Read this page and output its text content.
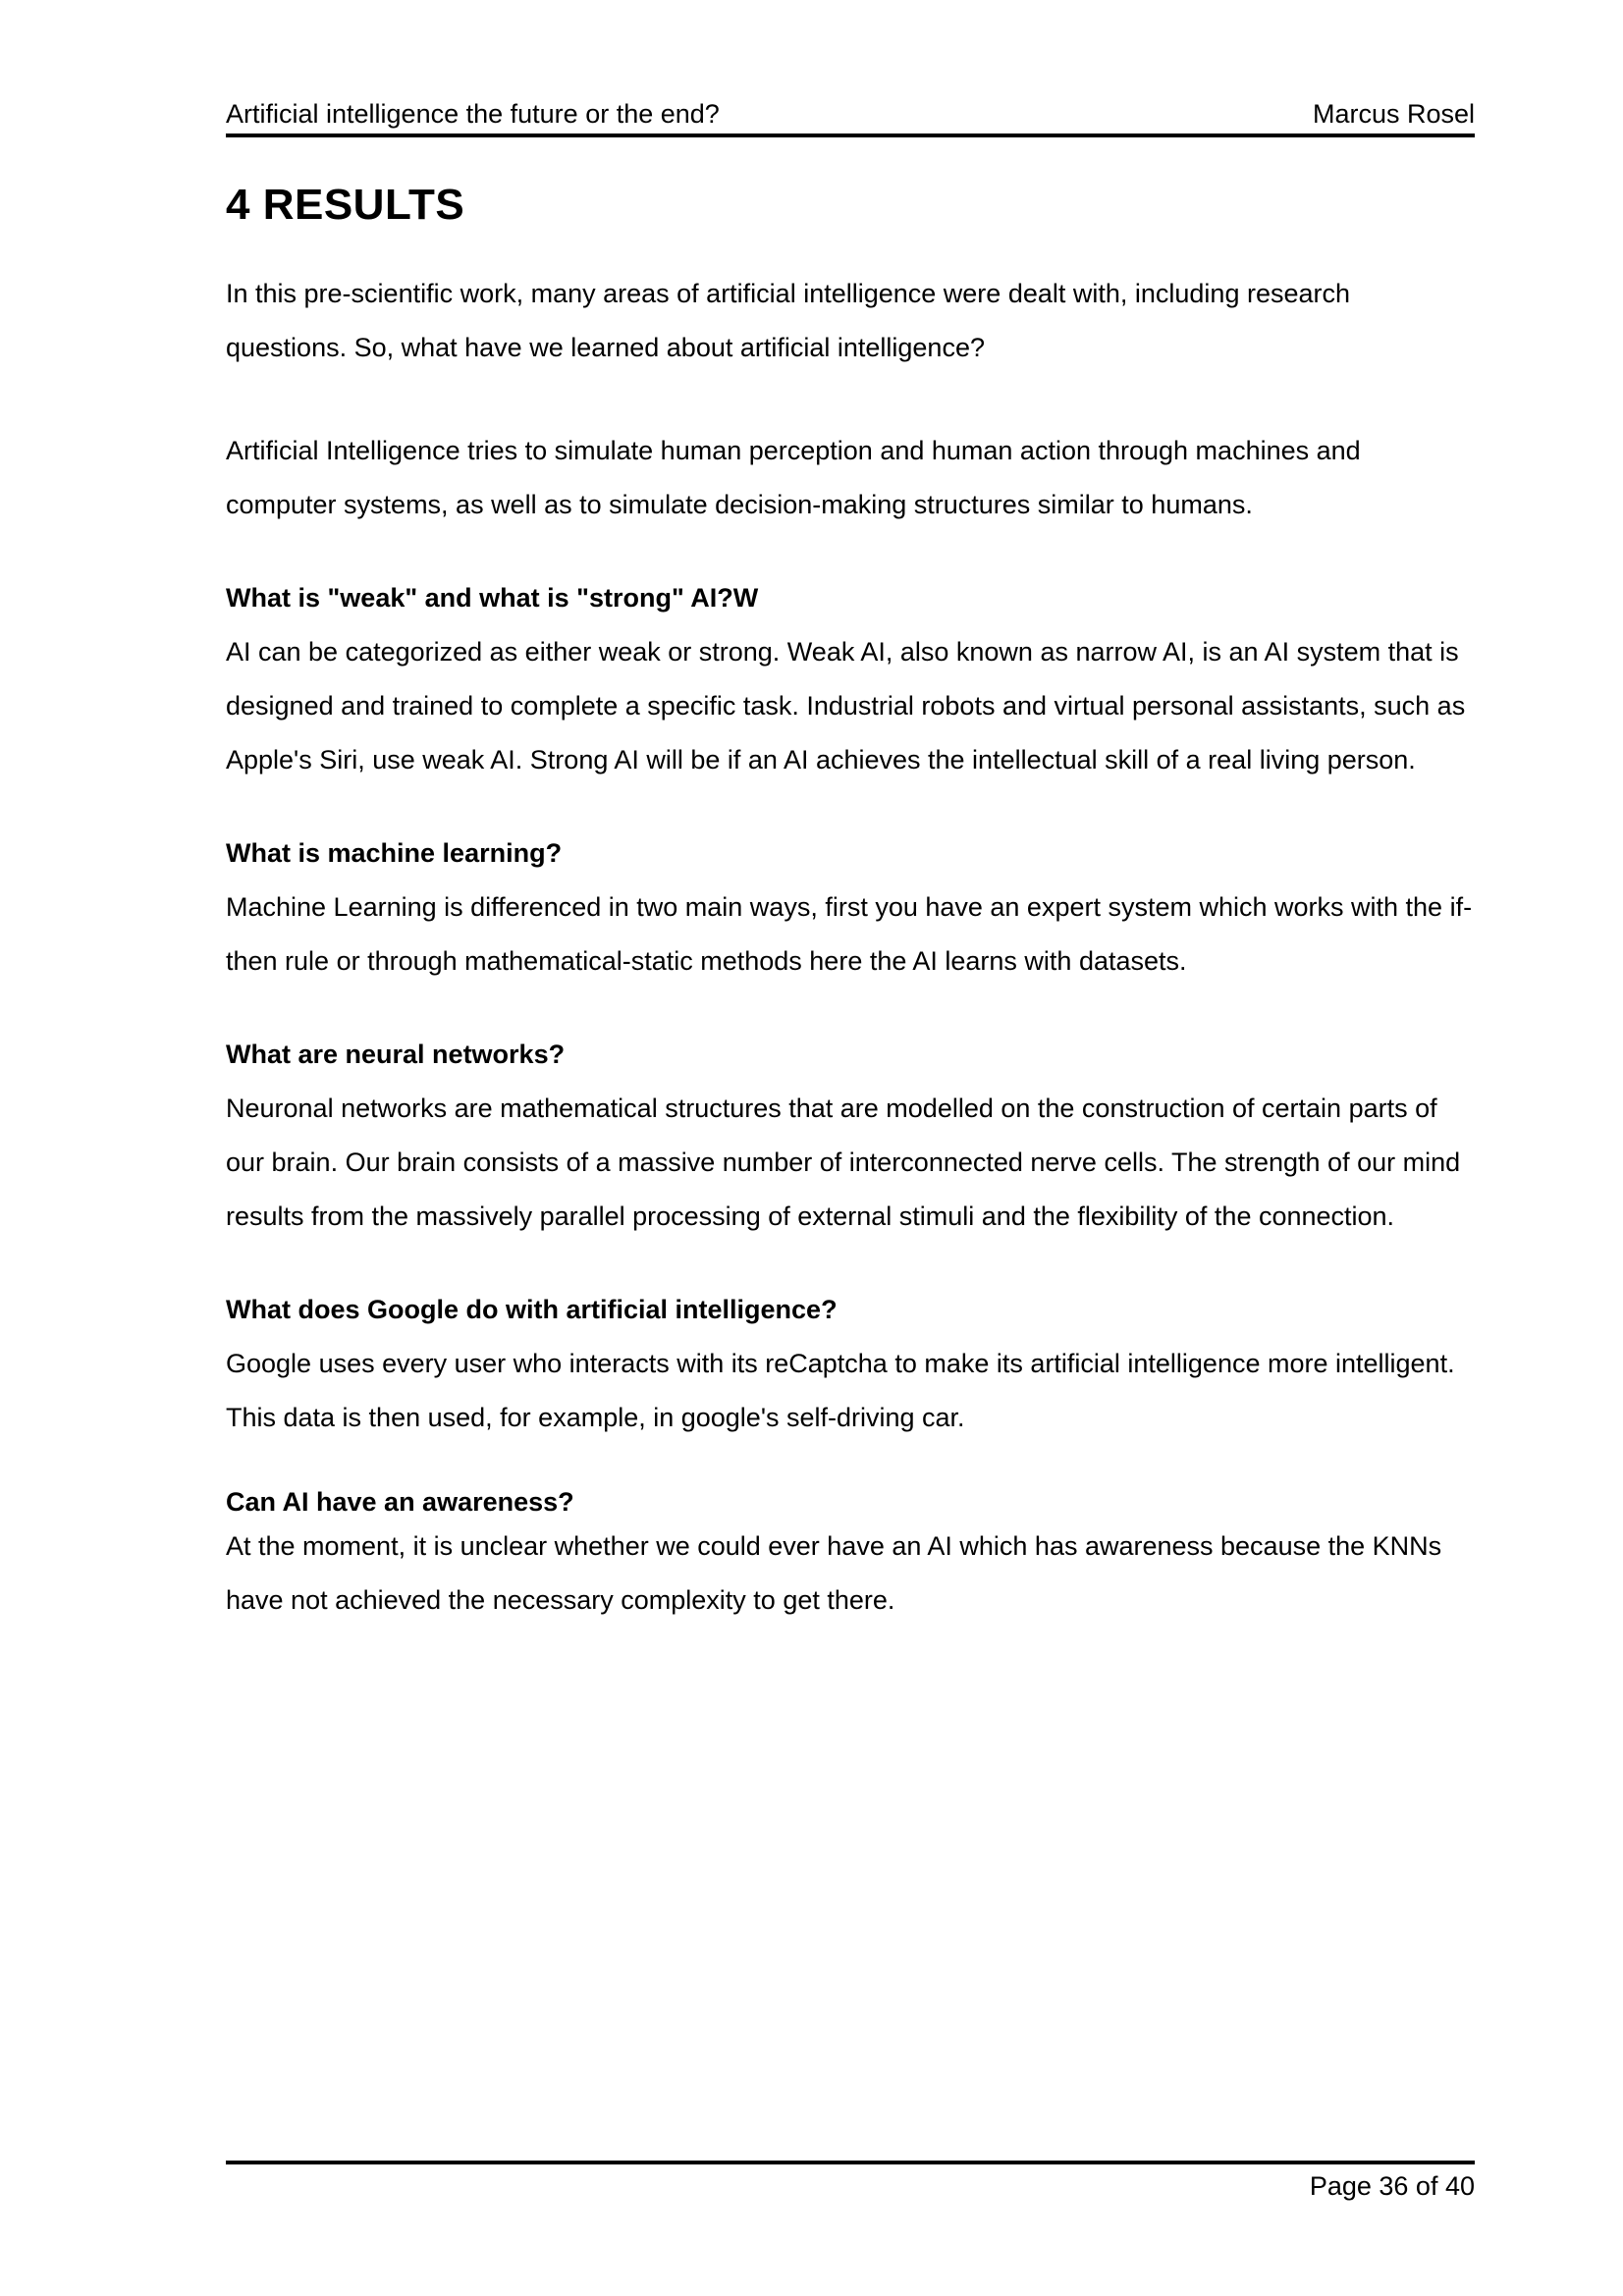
Artificial intelligence the future or the end?	Marcus Rosel
4 RESULTS

In this pre-scientific work, many areas of artificial intelligence were dealt with, including research questions. So, what have we learned about artificial intelligence?

Artificial Intelligence tries to simulate human perception and human action through machines and computer systems, as well as to simulate decision-making structures similar to humans.

What is "weak" and what is "strong" AI?W

AI can be categorized as either weak or strong. Weak AI, also known as narrow AI, is an AI system that is designed and trained to complete a specific task. Industrial robots and virtual personal assistants, such as Apple's Siri, use weak AI. Strong AI will be if an AI achieves the intellectual skill of a real living person.

What is machine learning?

Machine Learning is differenced in two main ways, first you have an expert system which works with the if-then rule or through mathematical-static methods here the AI learns with datasets.

What are neural networks?

Neuronal networks are mathematical structures that are modelled on the construction of certain parts of our brain. Our brain consists of a massive number of interconnected nerve cells. The strength of our mind results from the massively parallel processing of external stimuli and the flexibility of the connection.

What does Google do with artificial intelligence?

Google uses every user who interacts with its reCaptcha to make its artificial intelligence more intelligent. This data is then used, for example, in google's self-driving car.

Can AI have an awareness?

At the moment, it is unclear whether we could ever have an AI which has awareness because the KNNs have not achieved the necessary complexity to get there.

Page 36 of 40
